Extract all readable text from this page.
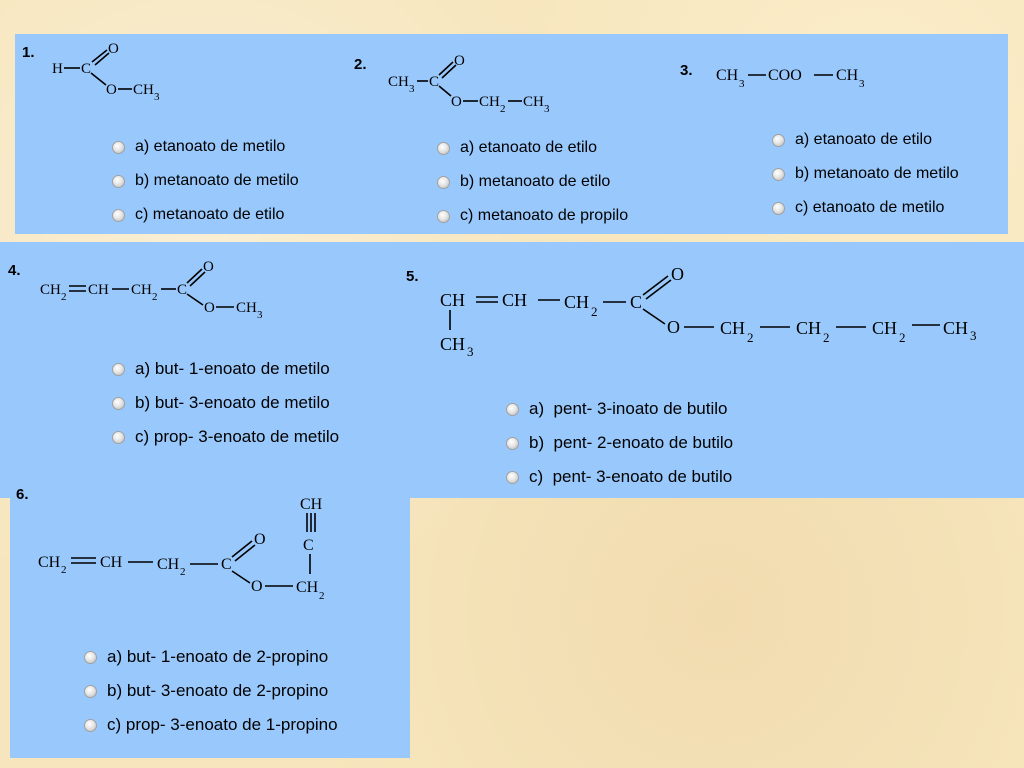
1.
H C
O
O CH 3
a) etanoato de metilo
b) metanoato de metilo
c) metanoato de etilo
2.
CH 3 C
O
O CH 2 CH 3
a) etanoato de etilo
b) metanoato de etilo
c) metanoato de propilo
3. CH 3 COO CH 3
a) etanoato de etilo
b) metanoato de metilo
c) etanoato de metilo
4.
CH 2 CH CH 2 C
O
O CH 3
a) but- 1-enoato de metilo
b) but- 3-enoato de metilo
c) prop- 3-enoato de metilo
5.
CH CH CH 2 C
O
O CH 2 CH 2 CH 2 CH 3
CH 3
a)  pent- 3-inoato de butilo
b)  pent- 2-enoato de butilo
c)  pent- 3-enoato de butilo
6.
CH
C
CH 2 CH CH 2 C
O
O CH 2
a) but- 1-enoato de 2-propino
b) but- 3-enoato de 2-propino
c) prop- 3-enoato de 1-propino
